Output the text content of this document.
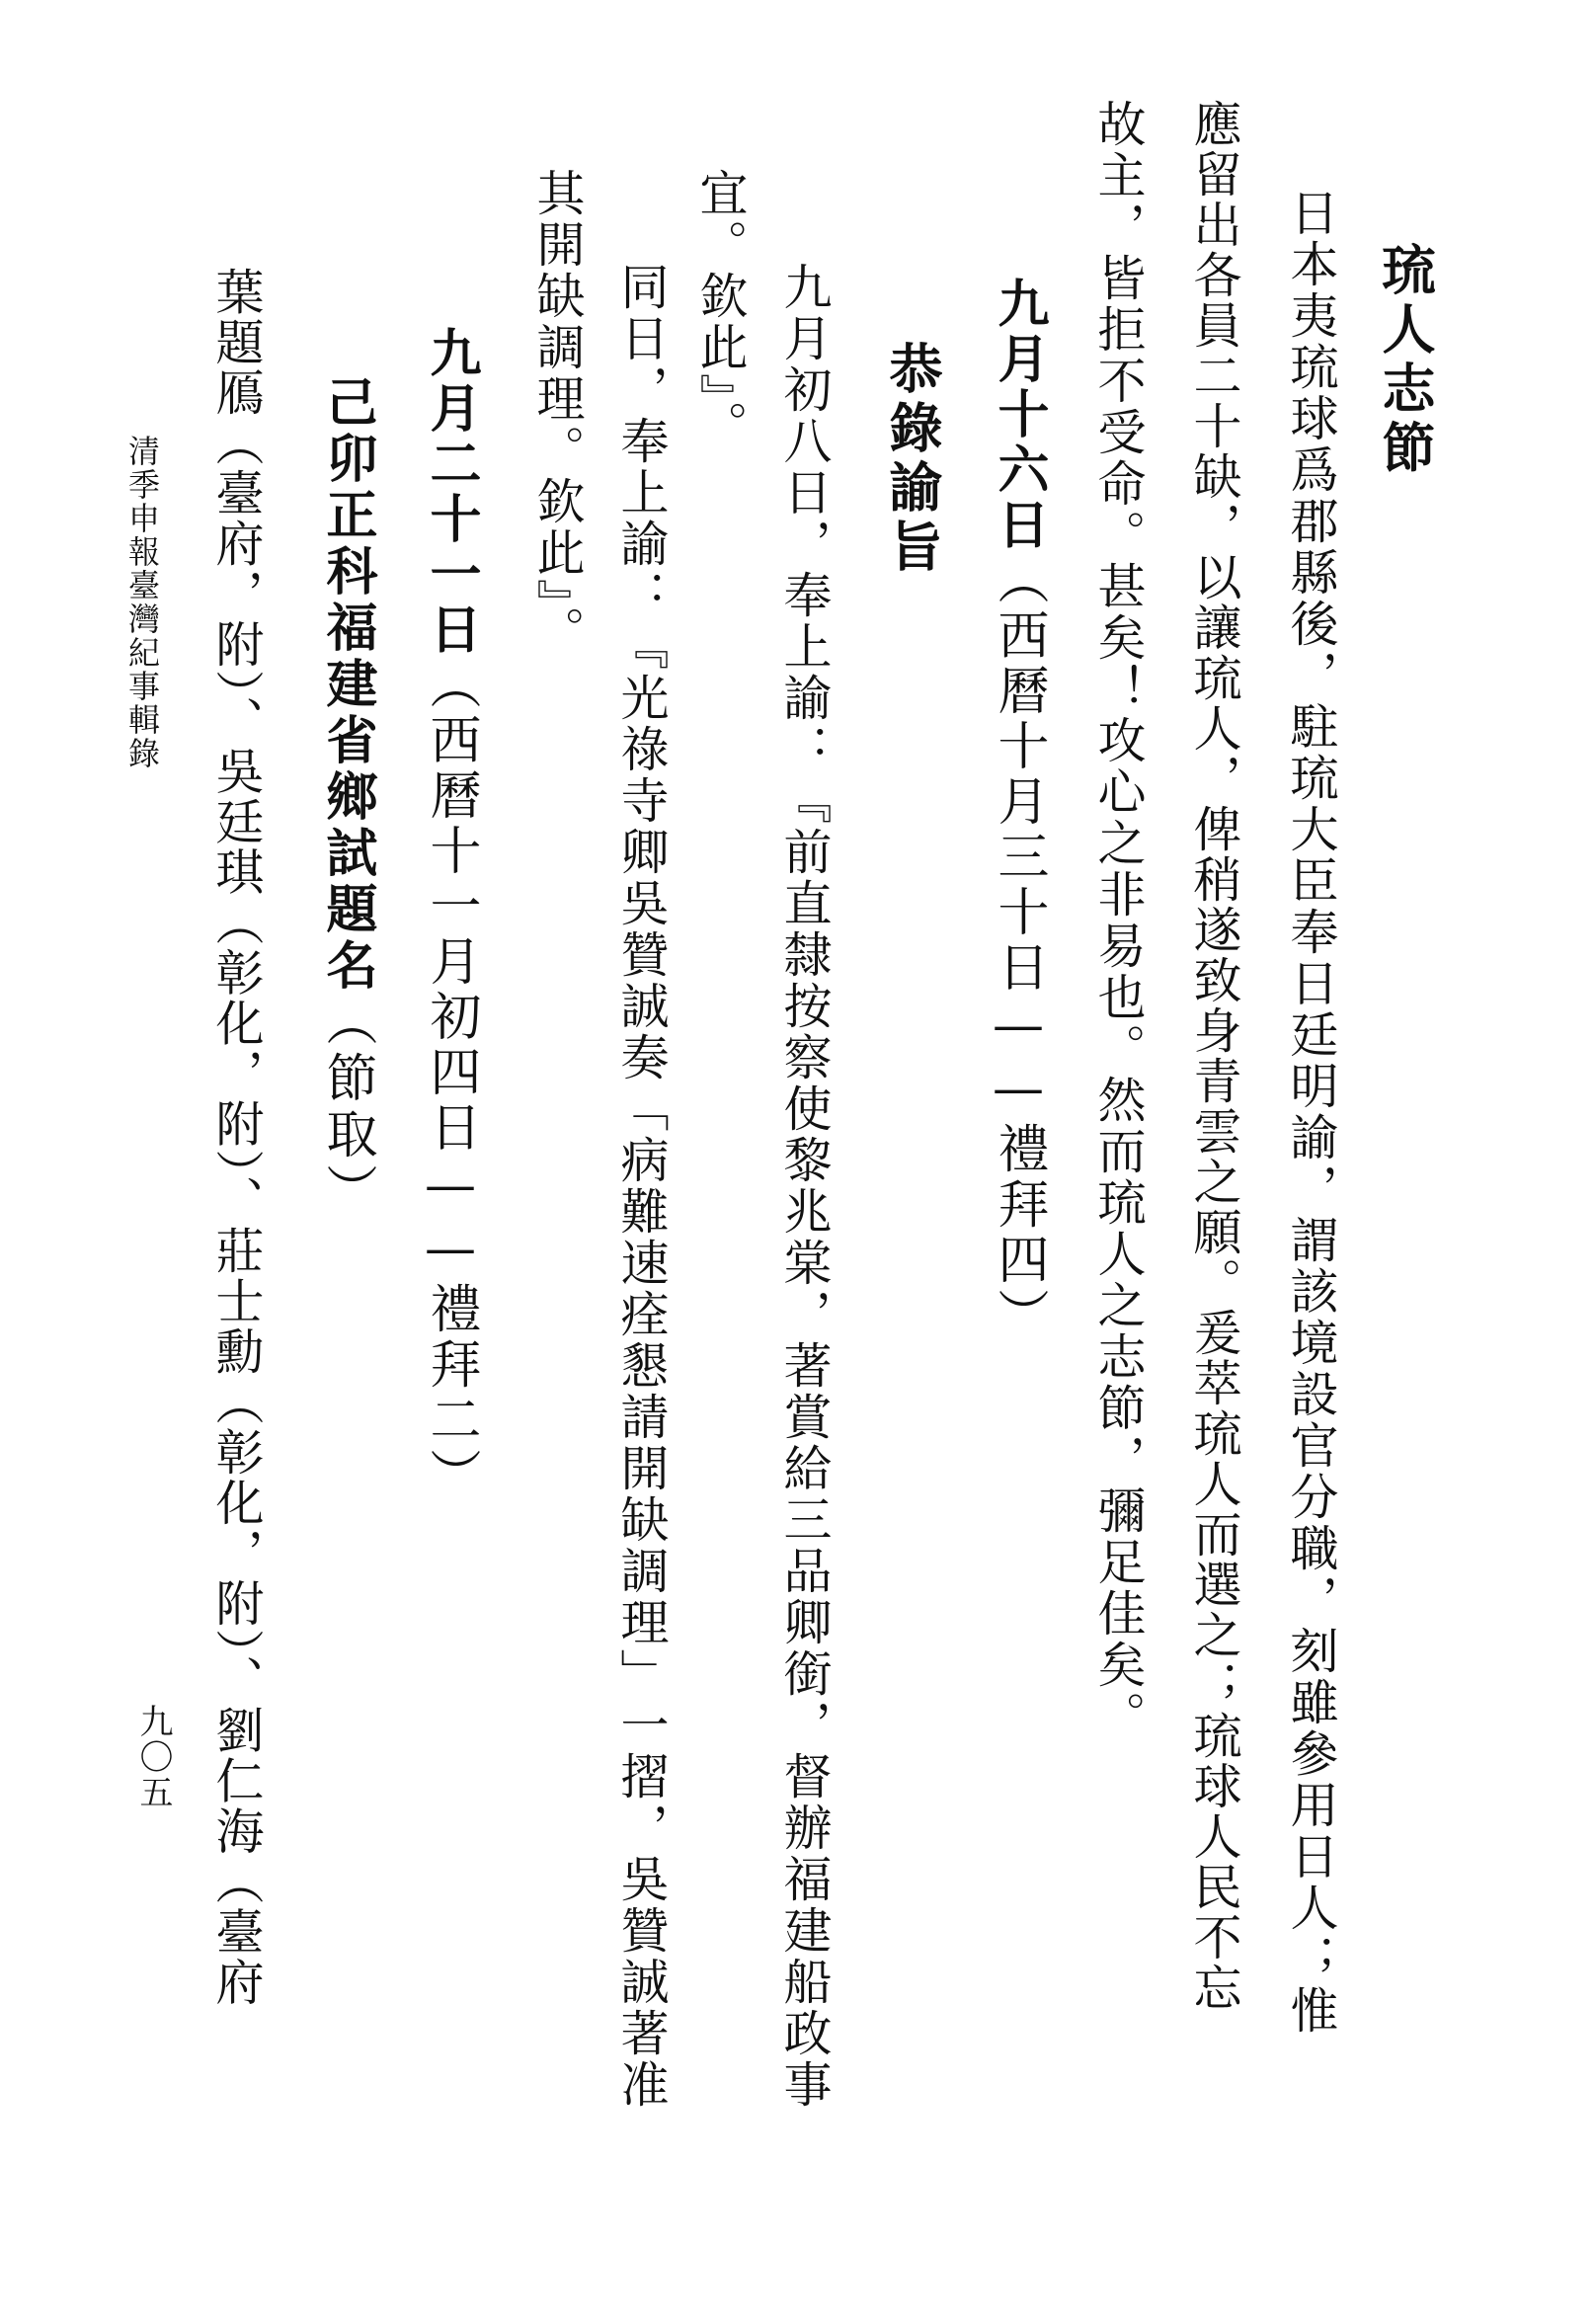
琉人志節
日本夷琉球爲郡縣後，駐琉大臣奉日廷明諭，謂該境設官分職，刻雖參用日人；惟
應留出各員二十缺，以讓琉人，俾稍遂致身青雲之願。爰萃琉人而選之；琉球人民不忘
故主，皆拒不受命。甚矣！攻心之非易也。然而琉人之志節，彌足佳矣。
九月十六日（西曆十月三十日——禮拜四）
恭錄諭旨
九月初八日，奉上諭：『前直隸按察使黎兆棠，著賞給三品卿銜，督辦福建船政事
宜。欽此』。
同日，奉上諭：『光祿寺卿吳贊誠奏「病難速痊懇請開缺調理」一摺，吳贊誠著准
其開缺調理。欽此』。
九月二十一日（西曆十一月初四日——禮拜二）
己卯正科福建省鄉試題名（節取）
葉題鴈（臺府，附）、吳廷琪（彰化，附）、莊士勳（彰化，附）、劉仁海（臺府
清季申報臺灣紀事輯錄
九〇五
